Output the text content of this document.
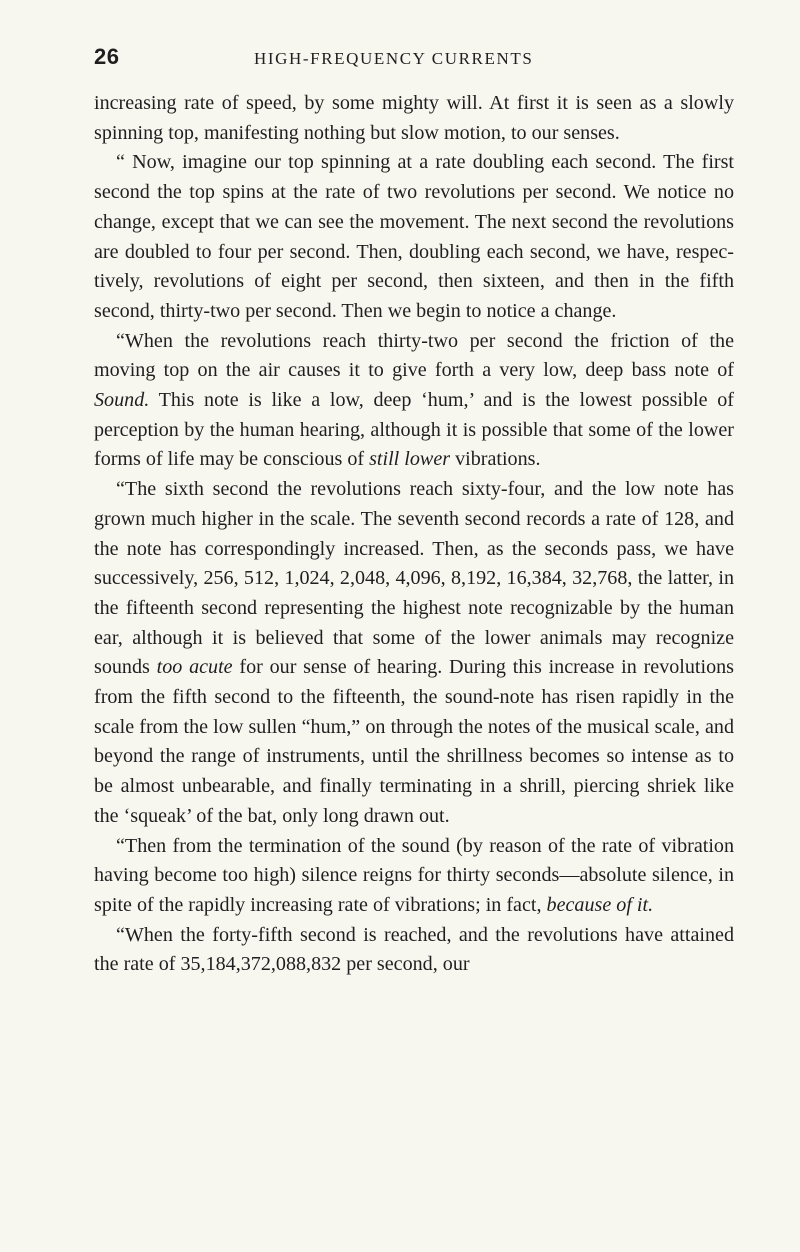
26	HIGH-FREQUENCY CURRENTS

increasing rate of speed, by some mighty will. At first it is seen as a slowly spinning top, manifesting nothing but slow motion, to our senses.

“ Now, imagine our top spinning at a rate doubling each second. The first second the top spins at the rate of two revolutions per second. We notice no change, except that we can see the movement. The next second the revolutions are doubled to four per second. Then, doubling each second, we have, respectively, revolutions of eight per second, then sixteen, and then in the fifth second, thirty-two per second. Then we begin to notice a change.

“When the revolutions reach thirty-two per second the friction of the moving top on the air causes it to give forth a very low, deep bass note of Sound. This note is like a low, deep ‘hum,’ and is the lowest possible of perception by the human hearing, although it is possible that some of the lower forms of life may be conscious of still lower vibrations.

“The sixth second the revolutions reach sixty-four, and the low note has grown much higher in the scale. The seventh second records a rate of 128, and the note has correspondingly increased. Then, as the seconds pass, we have successively, 256, 512, 1,024, 2,048, 4,096, 8,192, 16,384, 32,768, the latter, in the fifteenth second representing the highest note recognizable by the human ear, although it is believed that some of the lower animals may recognize sounds too acute for our sense of hearing. During this increase in revolutions from the fifth second to the fifteenth, the sound-note has risen rapidly in the scale from the low sullen “hum,” on through the notes of the musical scale, and beyond the range of instruments, until the shrillness becomes so intense as to be almost unbearable, and finally terminating in a shrill, piercing shriek like the ‘squeak’ of the bat, only long drawn out.

“Then from the termination of the sound (by reason of the rate of vibration having become too high) silence reigns for thirty seconds—absolute silence, in spite of the rapidly increasing rate of vibrations; in fact, because of it.

“When the forty-fifth second is reached, and the revolutions have attained the rate of 35,184,372,088,832 per second, our
